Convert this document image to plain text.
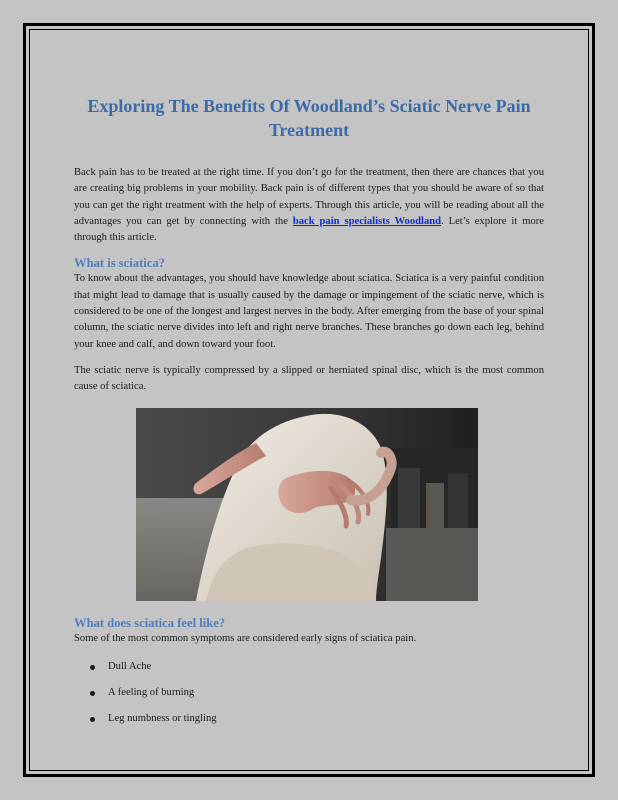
Exploring The Benefits Of Woodland’s Sciatic Nerve Pain Treatment

Back pain has to be treated at the right time. If you don’t go for the treatment, then there are chances that you are creating big problems in your mobility. Back pain is of different types that you should be aware of so that you can get the right treatment with the help of experts. Through this article, you will be reading about all the advantages you can get by connecting with the back pain specialists Woodland. Let’s explore it more through this article.

What is sciatica?

To know about the advantages, you should have knowledge about sciatica. Sciatica is a very painful condition that might lead to damage that is usually caused by the damage or impingement of the sciatic nerve, which is considered to be one of the longest and largest nerves in the body. After emerging from the base of your spinal column, the sciatic nerve divides into left and right nerve branches. These branches go down each leg, behind your knee and calf, and down toward your foot.

The sciatic nerve is typically compressed by a slipped or herniated spinal disc, which is the most common cause of sciatica.

What does sciatica feel like?

Some of the most common symptoms are considered early signs of sciatica pain.

Dull Ache
A feeling of burning
Leg numbness or tingling
